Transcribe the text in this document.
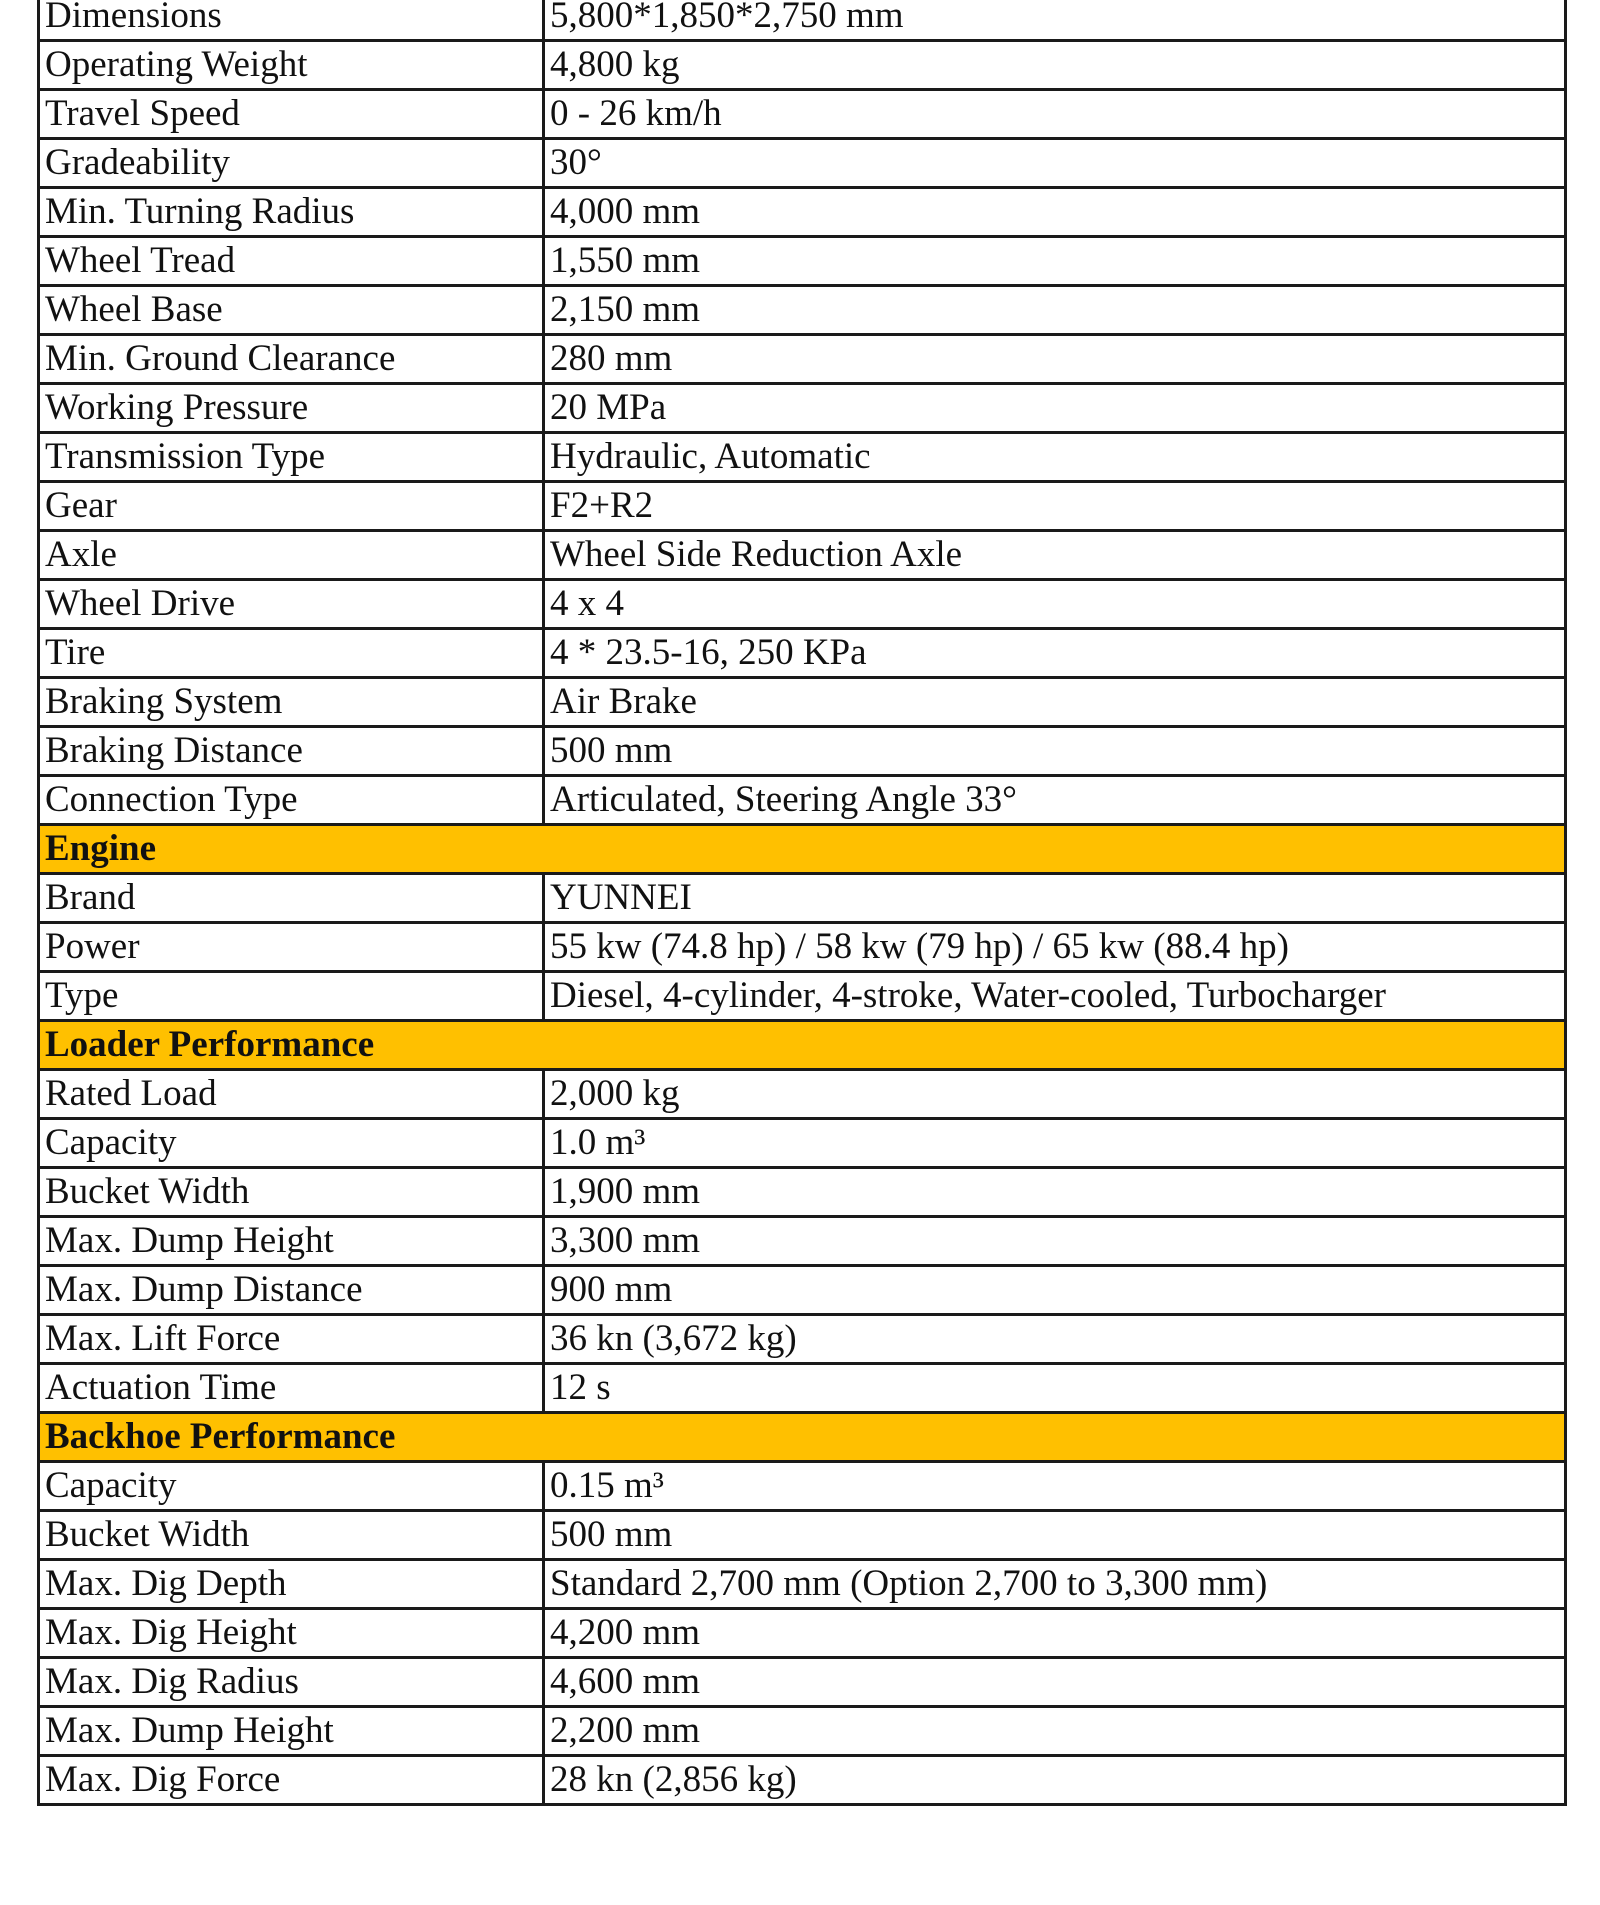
Dimensions	5,800*1,850*2,750 mm
Operating Weight	4,800 kg
Travel Speed	0 - 26 km/h
Gradeability	30°
Min. Turning Radius	4,000 mm
Wheel Tread	1,550 mm
Wheel Base	2,150 mm
Min. Ground Clearance	280 mm
Working Pressure	20 MPa
Transmission Type	Hydraulic, Automatic
Gear	F2+R2
Axle	Wheel Side Reduction Axle
Wheel Drive	4 x 4
Tire	4 * 23.5-16, 250 KPa
Braking System	Air Brake
Braking Distance	500 mm
Connection Type	Articulated, Steering Angle 33°
Engine	
Brand	YUNNEI
Power	55 kw (74.8 hp) / 58 kw (79 hp) / 65 kw (88.4 hp)
Type	Diesel, 4-cylinder, 4-stroke, Water-cooled, Turbocharger
Loader Performance	
Rated Load	2,000 kg
Capacity	1.0 m³
Bucket Width	1,900 mm
Max. Dump Height	3,300 mm
Max. Dump Distance	900 mm
Max. Lift Force	36 kn (3,672 kg)
Actuation Time	12 s
Backhoe Performance	
Capacity	0.15 m³
Bucket Width	500 mm
Max. Dig Depth	Standard 2,700 mm (Option 2,700 to 3,300 mm)
Max. Dig Height	4,200 mm
Max. Dig Radius	4,600 mm
Max. Dump Height	2,200 mm
Max. Dig Force	28 kn (2,856 kg)
